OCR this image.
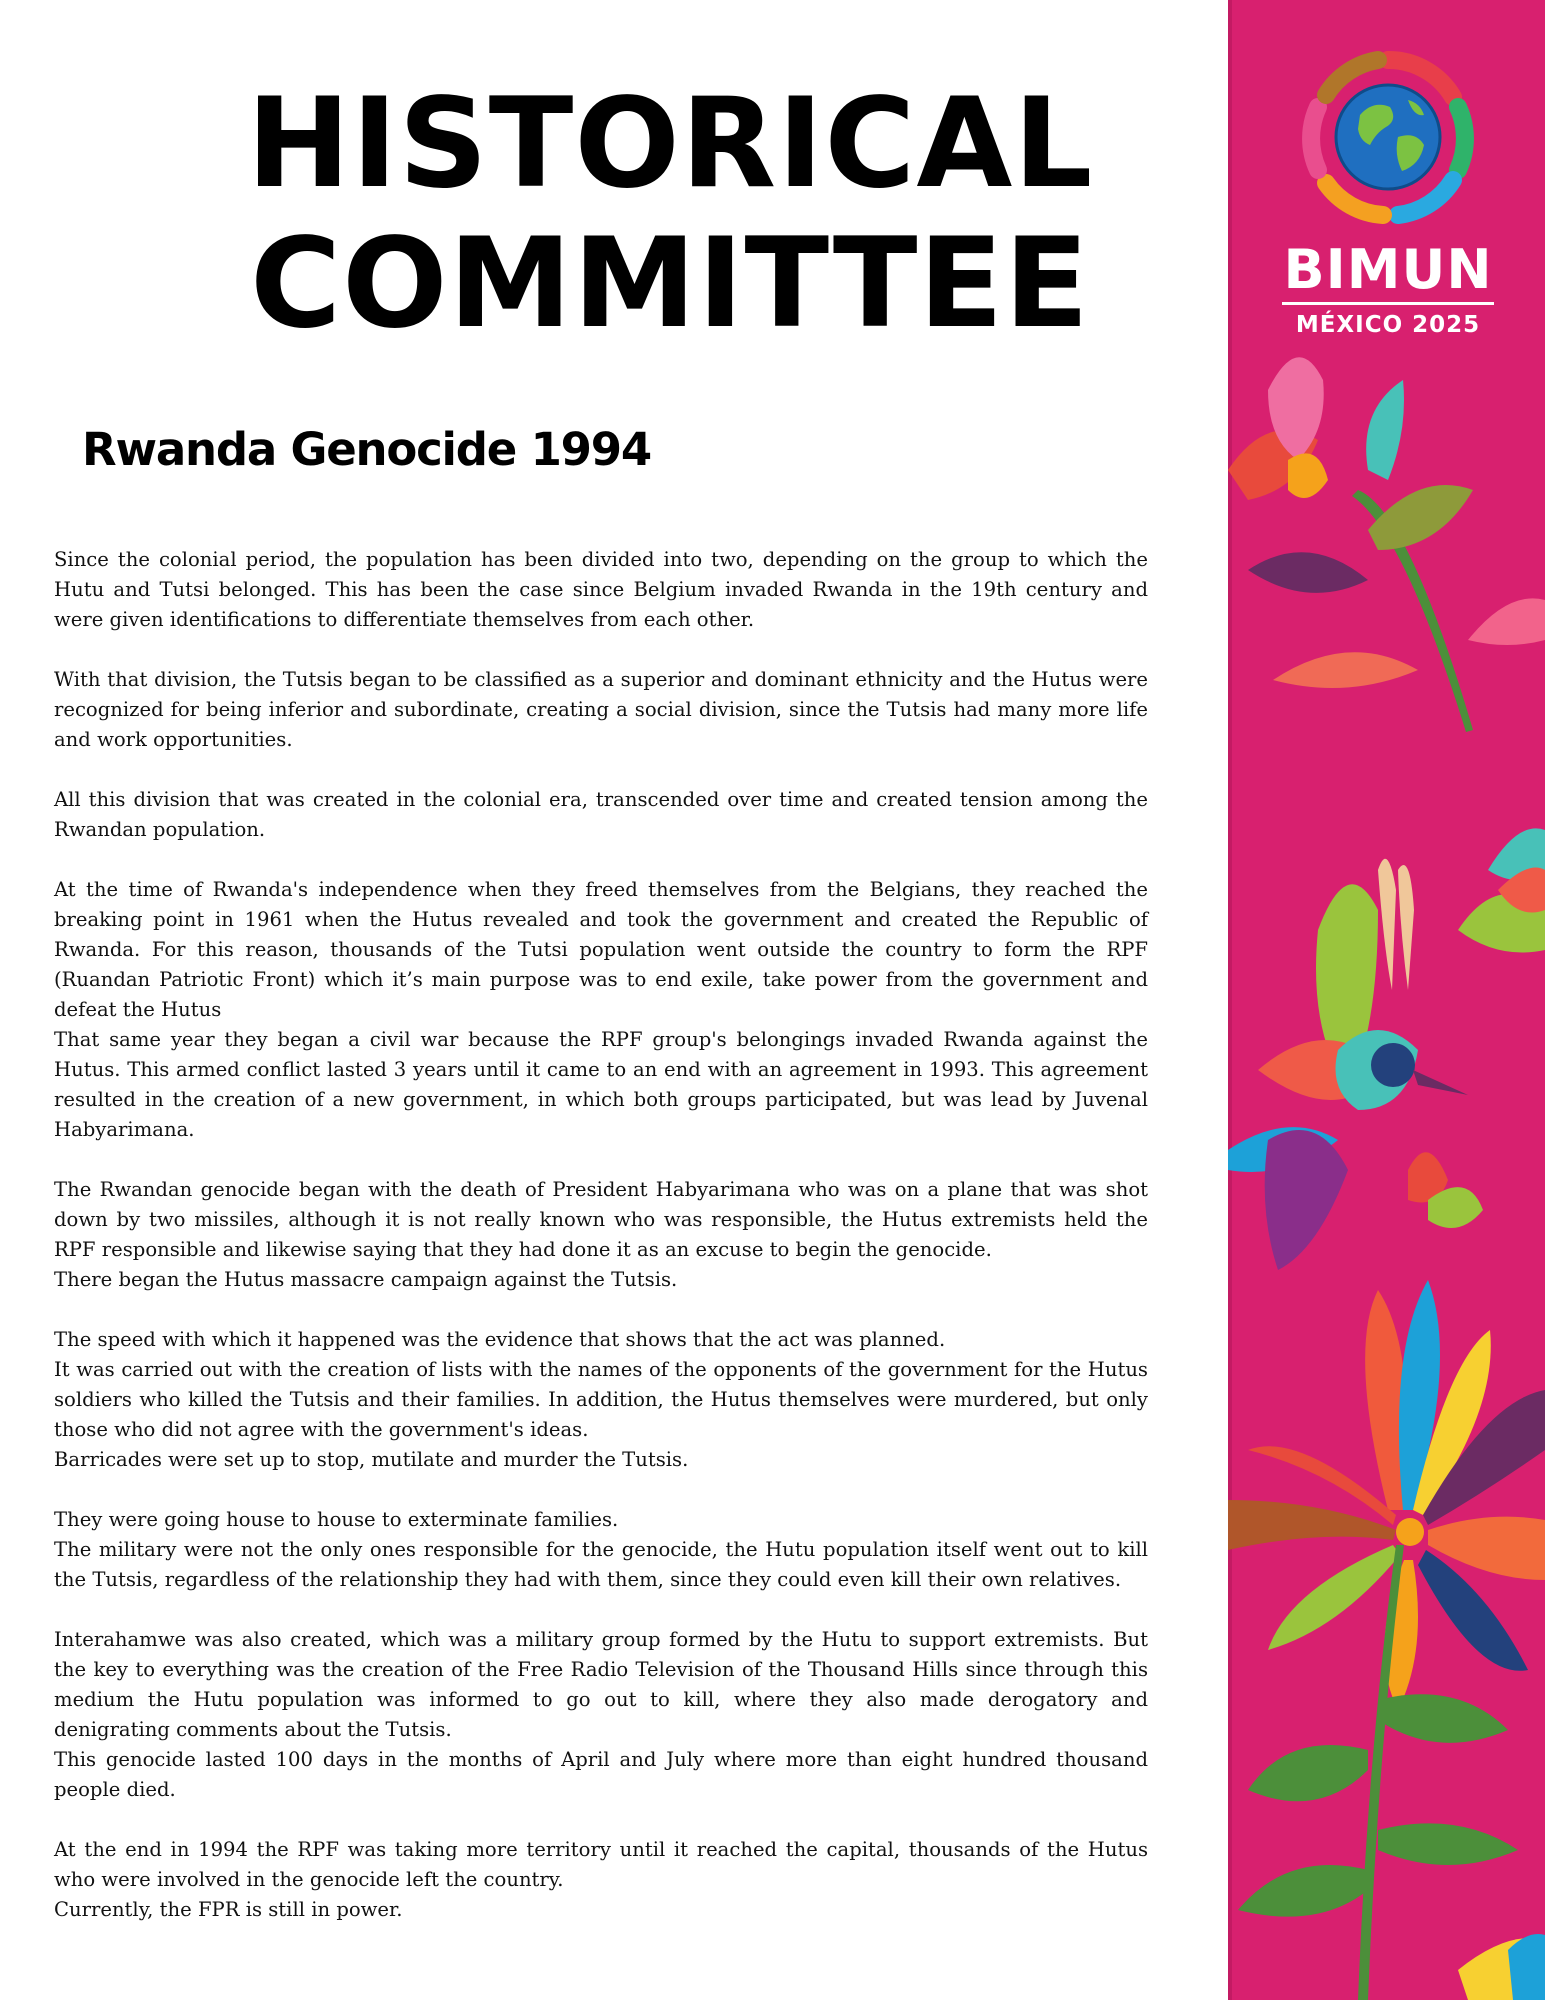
HISTORICAL
COMMITTEE
Rwanda Genocide 1994

Since the colonial period, the population has been divided into two, depending on the group to which the Hutu and Tutsi belonged. This has been the case since Belgium invaded Rwanda in the 19th century and were given identifications to differentiate themselves from each other.

With that division, the Tutsis began to be classified as a superior and dominant ethnicity and the Hutus were recognized for being inferior and subordinate, creating a social division, since the Tutsis had many more life and work opportunities.

All this division that was created in the colonial era, transcended over time and created tension among the Rwandan population.

At the time of Rwanda's independence when they freed themselves from the Belgians, they reached the breaking point in 1961 when the Hutus revealed and took the government and created the Republic of Rwanda. For this reason, thousands of the Tutsi population went outside the country to form the RPF (Ruandan Patriotic Front) which it’s main purpose was to end exile, take power from the government and defeat the Hutus
That same year they began a civil war because the RPF group's belongings invaded Rwanda against the Hutus. This armed conflict lasted 3 years until it came to an end with an agreement in 1993. This agreement resulted in the creation of a new government, in which both groups participated, but was lead by Juvenal Habyarimana.

The Rwandan genocide began with the death of President Habyarimana who was on a plane that was shot down by two missiles, although it is not really known who was responsible, the Hutus extremists held the RPF responsible and likewise saying that they had done it as an excuse to begin the genocide.
There began the Hutus massacre campaign against the Tutsis.

The speed with which it happened was the evidence that shows that the act was planned.
It was carried out with the creation of lists with the names of the opponents of the government for the Hutus soldiers who killed the Tutsis and their families. In addition, the Hutus themselves were murdered, but only those who did not agree with the government's ideas.
Barricades were set up to stop, mutilate and murder the Tutsis.

They were going house to house to exterminate families.
The military were not the only ones responsible for the genocide, the Hutu population itself went out to kill the Tutsis, regardless of the relationship they had with them, since they could even kill their own relatives.

Interahamwe was also created, which was a military group formed by the Hutu to support extremists. But the key to everything was the creation of the Free Radio Television of the Thousand Hills since through this medium the Hutu population was informed to go out to kill, where they also made derogatory and denigrating comments about the Tutsis.
This genocide lasted 100 days in the months of April and July where more than eight hundred thousand people died.

At the end in 1994 the RPF was taking more territory until it reached the capital, thousands of the Hutus who were involved in the genocide left the country.
Currently, the FPR is still in power.

BIMUN
MÉXICO 2025
